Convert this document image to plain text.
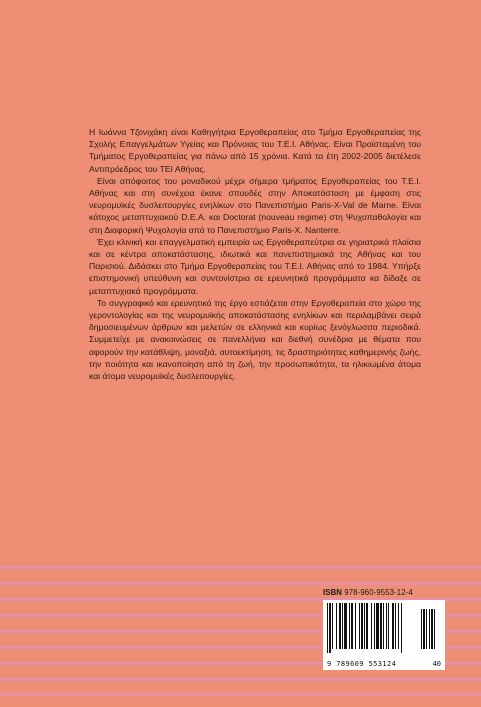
Η Ιωάννα Τζονιχάκη είναι Καθηγήτρια Εργοθεραπείας στο Τμήμα Εργοθεραπείας της Σχολής Επαγγελμάτων Υγείας και Πρόνοιας του Τ.Ε.Ι. Αθήνας. Είναι Προϊσταμένη του Τμήματος Εργοθεραπείας για πάνω από 15 χρόνια. Κατά τα έτη 2002-2005 διετέλεσε Αντιπρόεδρος του ΤΕΙ Αθήνας.

Είναι απόφοιτος του μοναδικού μέχρι σήμερα τμήματος Εργοθεραπείας του Τ.Ε.Ι. Αθήνας και στη συνέχεια έκανε σπουδές στην Αποκατάσταση με έμφαση στις νευρομυϊκές δυσλειτουργίες ενηλίκων στο Πανεπιστήμιο Paris-X-Val de Marne. Είναι κάτοχος μεταπτυχιακού D.E.A. και Doctorat (nouveau regime) στη Ψυχοπαθολογία και στη Διαφορική Ψυχολογία από το Πανεπιστήμιο Paris-X. Nanterre.

Έχει κλινική και επαγγελματική εμπειρία ως Εργοθεραπεύτρια σε γηριατρικά πλαίσια και σε κέντρα αποκατάστασης, ιδιωτικά και πανεπιστημιακά της Αθήνας και του Παρισιού. Διδάσκει στο Τμήμα Εργοθεραπείας του Τ.Ε.Ι. Αθήνας από το 1984. Υπήρξε επιστημονική υπεύθυνη και συντονίστρια σε ερευνητικά προγράμματα κα δίδαξε σε μεταπτυχιακά προγράμματα.

Το συγγραφικό και ερευνητικό της έργο εστιάζεται στην Εργοθεραπεία στο χώρο της γεροντολογίας και της νευρομυϊκής αποκατάστασης ενηλίκων και περιλαμβάνει σειρά δημοσιευμένων άρθρων και μελετών σε ελληνικά και κυρίως ξενόγλωσσα περιοδικά. Συμμετείχε με ανακοινώσεις σε πανελλήνια και διεθνή συνέδρια με θέματα που αφορούν την κατάθλιψη, μοναξιά, αυτοεκτίμηση, τις δραστηριότητες καθημερινής ζωής, την ποιότητα και ικανοποίηση από τη ζωή, την προσωπικότητα, τα ηλικιωμένα άτομα και άτομα νευρομυϊκές δυσλειτουργίες.

ISBN 978-960-9553-12-4
9 789609 553124	40
